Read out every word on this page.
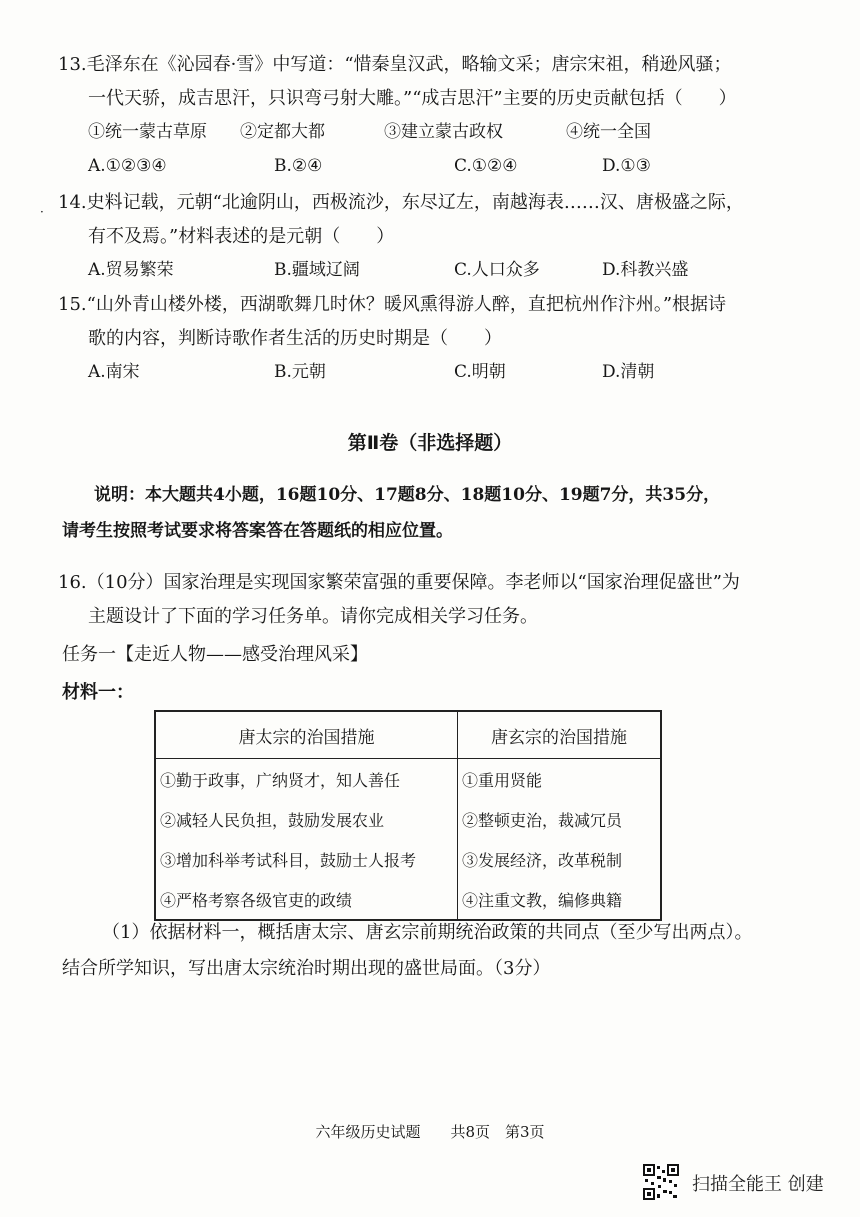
13.毛泽东在《沁园春·雪》中写道：“惜秦皇汉武，略输文采；唐宗宋祖，稍逊风骚；
一代天骄，成吉思汗，只识弯弓射大雕。”“成吉思汗”主要的历史贡献包括（　　）
①统一蒙古草原 ②定都大都	③建立蒙古政权	④统一全国
A.①②③④	B.②④	C.①②④	D.①③
· 14.史料记载，元朝“北逾阴山，西极流沙，东尽辽左，南越海表……汉、唐极盛之际，
有不及焉。”材料表述的是元朝（　　）
A.贸易繁荣	B.疆域辽阔	C.人口众多	D.科教兴盛
15.“山外青山楼外楼，西湖歌舞几时休？暖风熏得游人醉，直把杭州作汴州。”根据诗
歌的内容，判断诗歌作者生活的历史时期是（　　）
A.南宋	B.元朝	C.明朝	D.清朝
第Ⅱ卷（非选择题）
说明：本大题共4小题，16题10分、17题8分、18题10分、19题7分，共35分，
请考生按照考试要求将答案答在答题纸的相应位置。
16.（10分）国家治理是实现国家繁荣富强的重要保障。李老师以“国家治理促盛世”为
主题设计了下面的学习任务单。请你完成相关学习任务。
任务一【走近人物——感受治理风采】
材料一：
唐太宗的治国措施	唐玄宗的治国措施
①勤于政事，广纳贤才，知人善任	①重用贤能
②减轻人民负担，鼓励发展农业	②整顿吏治，裁减冗员
③增加科举考试科目，鼓励士人报考	③发展经济，改革税制
④严格考察各级官吏的政绩	④注重文教，编修典籍
（1）依据材料一，概括唐太宗、唐玄宗前期统治政策的共同点（至少写出两点）。
结合所学知识，写出唐太宗统治时期出现的盛世局面。（3分）
六年级历史试题　　共8页　第3页
扫描全能王 创建
